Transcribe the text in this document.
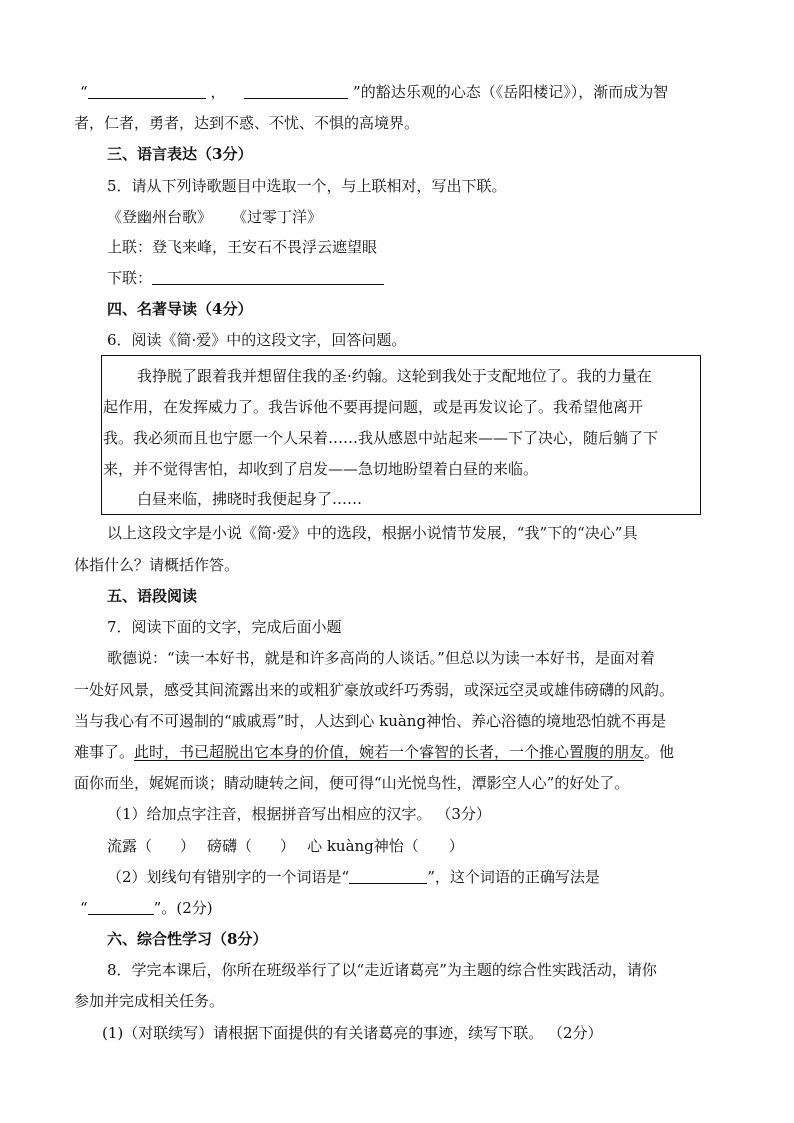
“	，	”的豁达乐观的心态（《岳阳楼记》），渐而成为智
者，仁者，勇者，达到不惑、不忧、不惧的高境界。
三、语言表达（3分）
5．请从下列诗歌题目中选取一个，与上联相对，写出下联。
《登幽州台歌》 《过零丁洋》
上联：登飞来峰，王安石不畏浮云遮望眼
下联：
四、名著导读（4分）
6．阅读《简·爱》中的这段文字，回答问题。
我挣脱了跟着我并想留住我的圣·约翰。这轮到我处于支配地位了。我的力量在
起作用，在发挥威力了。我告诉他不要再提问题，或是再发议论了。我希望他离开
我。我必须而且也宁愿一个人呆着……我从感恩中站起来——下了决心，随后躺了下
来，并不觉得害怕，却收到了启发——急切地盼望着白昼的来临。
白昼来临，拂晓时我便起身了……
以上这段文字是小说《简·爱》中的选段，根据小说情节发展，“我”下的“决心”具
体指什么？请概括作答。
五、语段阅读
7．阅读下面的文字，完成后面小题
歌德说：“读一本好书，就是和许多高尚的人谈话。”但总以为读一本好书，是面对着
一处好风景，感受其间流露出来的或粗犷豪放或纤巧秀弱，或深远空灵或雄伟磅礴的风韵。
当与我心有不可遏制的“戚戚焉”时，人达到心 kuàng神怡、养心浴德的境地恐怕就不再是
难事了。此时，书已超脱出它本身的价值，婉若一个睿智的长者，一个推心置腹的朋友。他
面你而坐，娓娓而谈；睛动睫转之间，便可得“山光悦鸟性，潭影空人心”的好处了。
（1）给加点字注音，根据拼音写出相应的汉字。 （3分）
流露（ ） 磅礴（ ） 心 kuàng神怡（ ）
（2）划线句有错别字的一个词语是“	”，这个词语的正确写法是
“	”。(2分)
六、综合性学习（8分）
8．学完本课后，你所在班级举行了以“走近诸葛亮”为主题的综合性实践活动，请你
参加并完成相关任务。
(1)（对联续写）请根据下面提供的有关诸葛亮的事迹，续写下联。 （2分）
